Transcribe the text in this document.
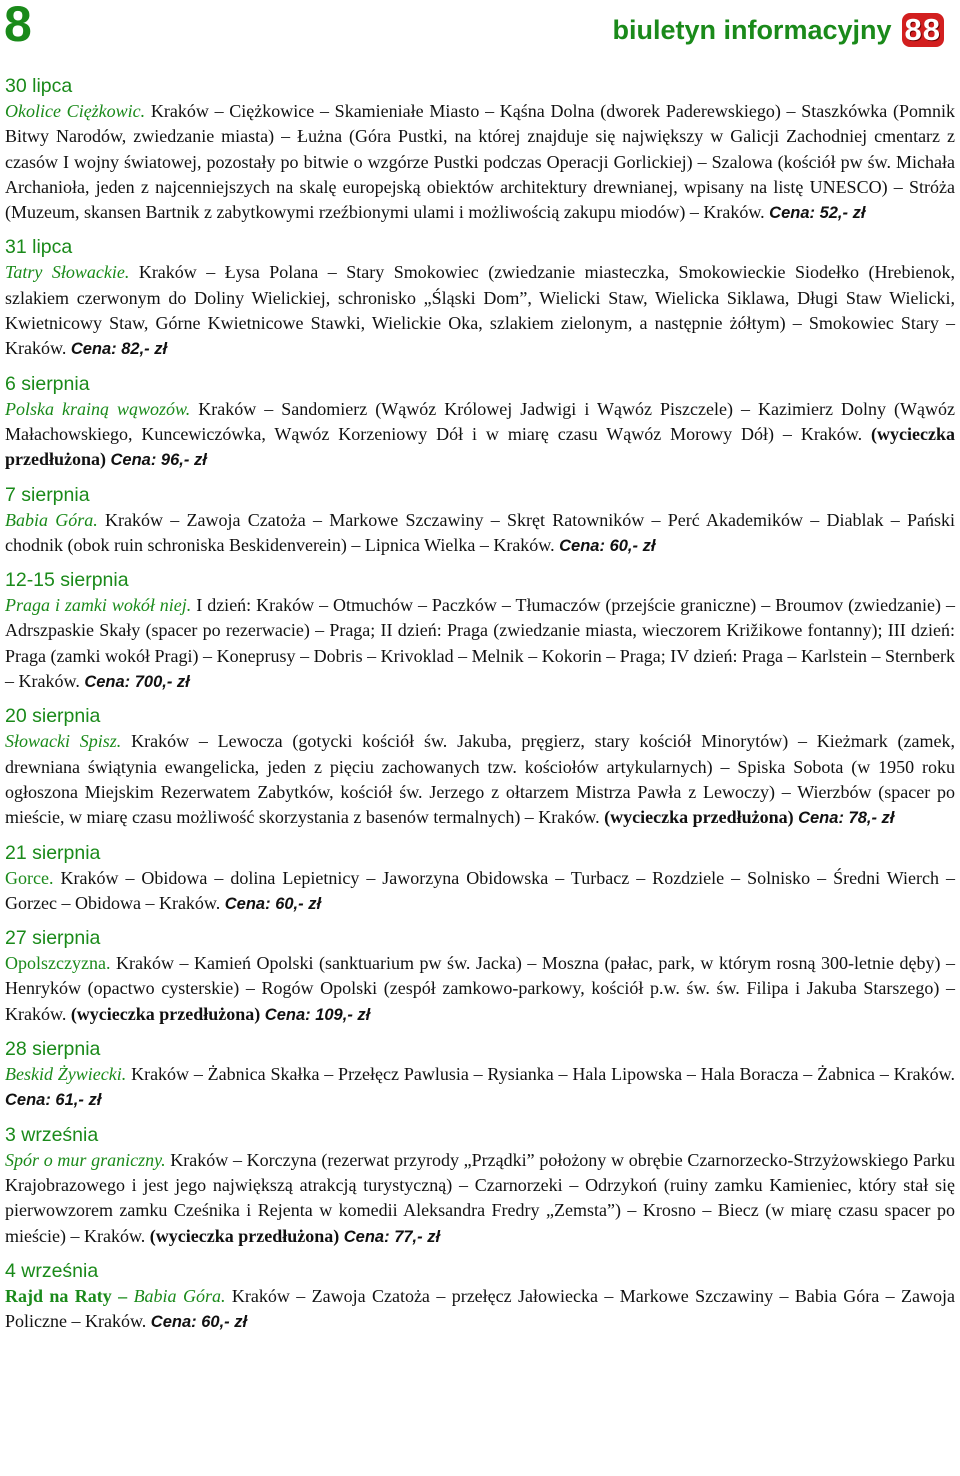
8	biuletyn informacyjny 88

30 lipca

Okolice Ciężkowic. Kraków – Ciężkowice – Skamieniałe Miasto – Kąśna Dolna (dworek Paderewskiego) – Staszkówka (Pomnik Bitwy Narodów, zwiedzanie miasta) – Łużna (Góra Pustki, na której znajduje się największy w Galicji Zachodniej cmentarz z czasów I wojny światowej, pozostały po bitwie o wzgórze Pustki podczas Operacji Gorlickiej) – Szalowa (kościół pw św. Michała Archanioła, jeden z najcenniejszych na skalę europejską obiektów architektury drewnianej, wpisany na listę UNESCO) – Stróża (Muzeum, skansen Bartnik z zabytkowymi rzeźbionymi ulami i możliwością zakupu miodów) – Kraków. Cena: 52,- zł

31 lipca

Tatry Słowackie. Kraków – Łysa Polana – Stary Smokowiec (zwiedzanie miasteczka, Smokowieckie Siodełko (Hrebienok, szlakiem czerwonym do Doliny Wielickiej, schronisko „Śląski Dom”, Wielicki Staw, Wielicka Siklawa, Długi Staw Wielicki, Kwietnicowy Staw, Górne Kwietnicowe Stawki, Wielickie Oka, szlakiem zielonym, a następnie żółtym) – Smokowiec Stary – Kraków. Cena: 82,- zł

6 sierpnia

Polska krainą wąwozów. Kraków – Sandomierz (Wąwóz Królowej Jadwigi i Wąwóz Piszczele) – Kazimierz Dolny (Wąwóz Małachowskiego, Kuncewiczówka, Wąwóz Korzeniowy Dół i w miarę czasu Wąwóz Morowy Dół) – Kraków. (wycieczka przedłużona) Cena: 96,- zł

7 sierpnia

Babia Góra. Kraków – Zawoja Czatoża – Markowe Szczawiny – Skręt Ratowników – Perć Akademików – Diablak – Pański chodnik (obok ruin schroniska Beskidenverein) – Lipnica Wielka – Kraków. Cena: 60,- zł

12-15 sierpnia

Praga i zamki wokół niej. I dzień: Kraków – Otmuchów – Paczków – Tłumaczów (przejście graniczne) – Broumov (zwiedzanie) – Adrszpaskie Skały (spacer po rezerwacie) – Praga; II dzień: Praga (zwiedzanie miasta, wieczorem Križikowe fontanny); III dzień: Praga (zamki wokół Pragi) – Koneprusy – Dobris – Krivoklad – Melnik – Kokorin – Praga; IV dzień: Praga – Karlstein – Sternberk – Kraków. Cena: 700,- zł

20 sierpnia

Słowacki Spisz. Kraków – Lewocza (gotycki kościół św. Jakuba, pręgierz, stary kościół Minorytów) – Kieżmark (zamek, drewniana świątynia ewangelicka, jeden z pięciu zachowanych tzw. kościołów artykularnych) – Spiska Sobota (w 1950 roku ogłoszona Miejskim Rezerwatem Zabytków, kościół św. Jerzego z ołtarzem Mistrza Pawła z Lewoczy) – Wierzbów (spacer po mieście, w miarę czasu możliwość skorzystania z basenów termalnych) – Kraków. (wycieczka przedłużona) Cena: 78,- zł

21 sierpnia

Gorce. Kraków – Obidowa – dolina Lepietnicy – Jaworzyna Obidowska – Turbacz – Rozdziele – Solnisko – Średni Wierch – Gorzec – Obidowa – Kraków. Cena: 60,- zł

27 sierpnia

Opolszczyzna. Kraków – Kamień Opolski (sanktuarium pw św. Jacka) – Moszna (pałac, park, w którym rosną 300-letnie dęby) – Henryków (opactwo cysterskie) – Rogów Opolski (zespół zamkowo-parkowy, kościół p.w. św. św. Filipa i Jakuba Starszego) – Kraków. (wycieczka przedłużona) Cena: 109,- zł

28 sierpnia

Beskid Żywiecki. Kraków – Żabnica Skałka – Przełęcz Pawlusia – Rysianka – Hala Lipowska – Hala Boracza – Żabnica – Kraków. Cena: 61,- zł

3 września

Spór o mur graniczny. Kraków – Korczyna (rezerwat przyrody „Prządki” położony w obrębie Czarnorzecko-Strzyżowskiego Parku Krajobrazowego i jest jego największą atrakcją turystyczną) – Czarnorzeki – Odrzykoń (ruiny zamku Kamieniec, który stał się pierwowzorem zamku Cześnika i Rejenta w komedii Aleksandra Fredry „Zemsta”) – Krosno – Biecz (w miarę czasu spacer po mieście) – Kraków. (wycieczka przedłużona) Cena: 77,- zł

4 września

Rajd na Raty – Babia Góra. Kraków – Zawoja Czatoża – przełęcz Jałowiecka – Markowe Szczawiny – Babia Góra – Zawoja Policzne – Kraków. Cena: 60,- zł
